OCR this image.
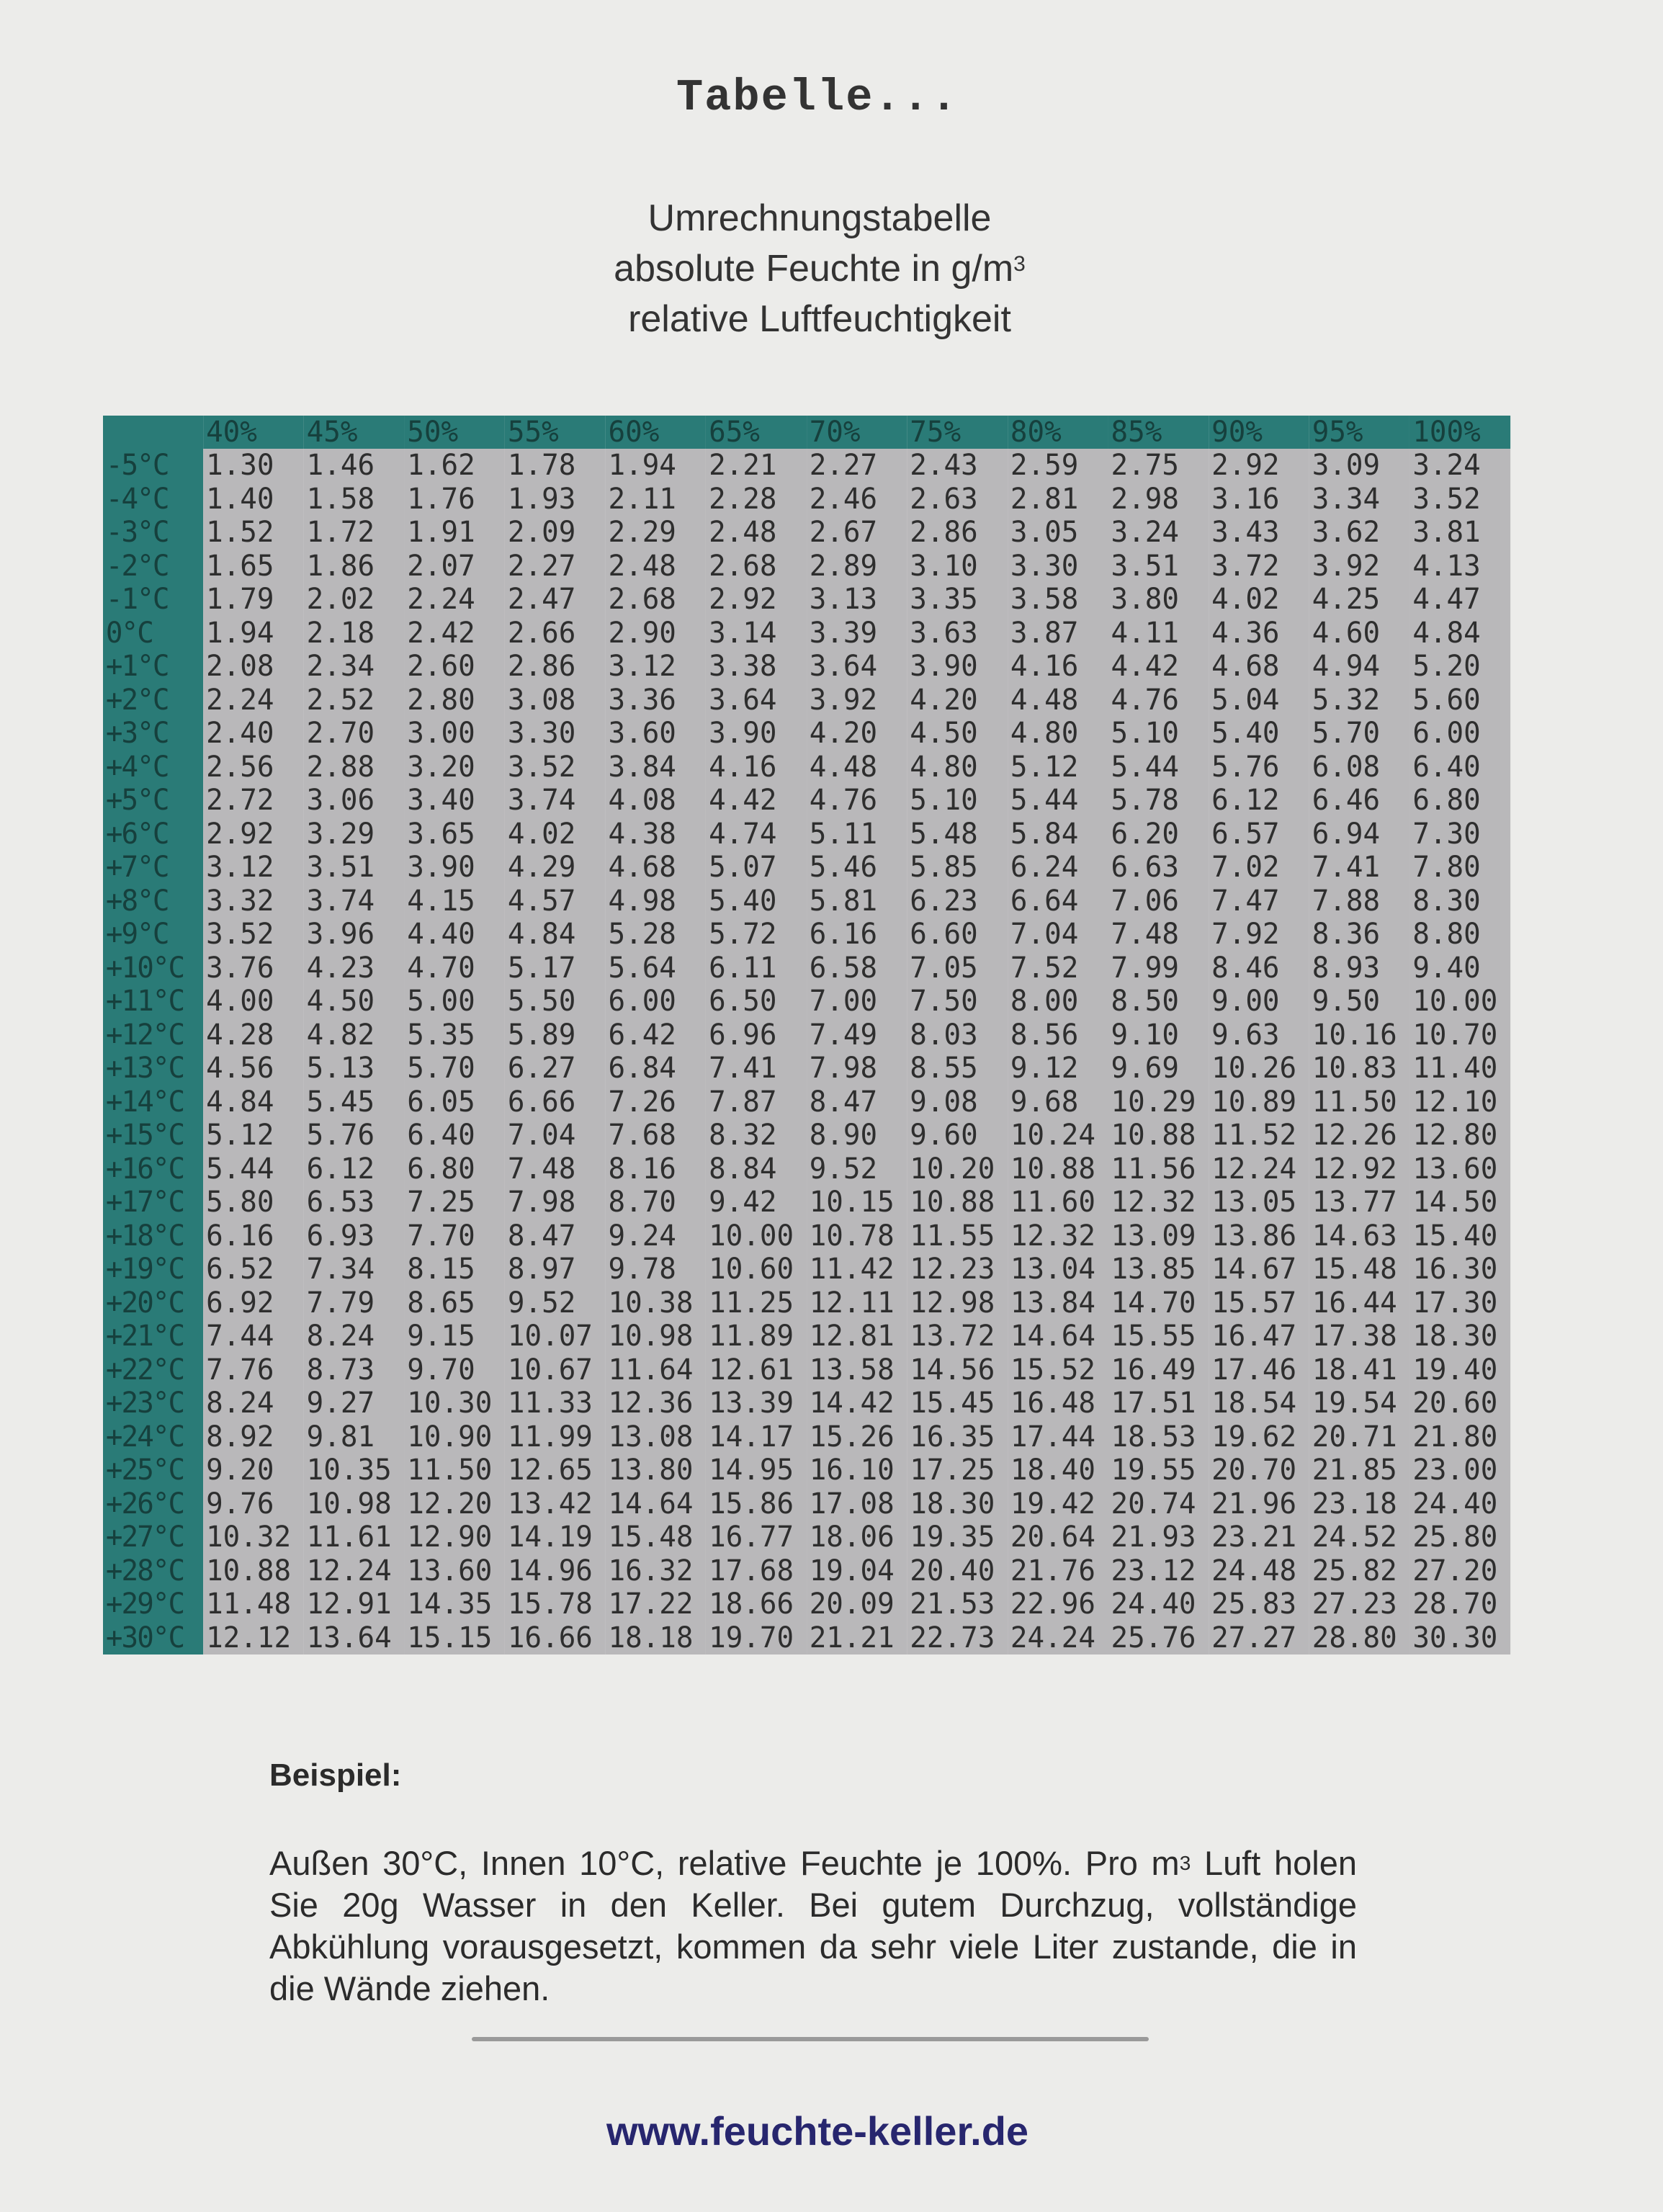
Tabelle...
Umrechnungstabelle
absolute Feuchte in $g/m^3$
relative Luftfeuchtigkeit
	40%	45%	50%	55%	60%	65%	70%	75%	80%	85%	90%	95%	100%
-5°C	1.30	1.46	1.62	1.78	1.94	2.21	2.27	2.43	2.59	2.75	2.92	3.09	3.24
-4°C	1.40	1.58	1.76	1.93	2.11	2.28	2.46	2.63	2.81	2.98	3.16	3.34	3.52
-3°C	1.52	1.72	1.91	2.09	2.29	2.48	2.67	2.86	3.05	3.24	3.43	3.62	3.81
-2°C	1.65	1.86	2.07	2.27	2.48	2.68	2.89	3.10	3.30	3.51	3.72	3.92	4.13
-1°C	1.79	2.02	2.24	2.47	2.68	2.92	3.13	3.35	3.58	3.80	4.02	4.25	4.47
0°C	1.94	2.18	2.42	2.66	2.90	3.14	3.39	3.63	3.87	4.11	4.36	4.60	4.84
+1°C	2.08	2.34	2.60	2.86	3.12	3.38	3.64	3.90	4.16	4.42	4.68	4.94	5.20
+2°C	2.24	2.52	2.80	3.08	3.36	3.64	3.92	4.20	4.48	4.76	5.04	5.32	5.60
+3°C	2.40	2.70	3.00	3.30	3.60	3.90	4.20	4.50	4.80	5.10	5.40	5.70	6.00
+4°C	2.56	2.88	3.20	3.52	3.84	4.16	4.48	4.80	5.12	5.44	5.76	6.08	6.40
+5°C	2.72	3.06	3.40	3.74	4.08	4.42	4.76	5.10	5.44	5.78	6.12	6.46	6.80
+6°C	2.92	3.29	3.65	4.02	4.38	4.74	5.11	5.48	5.84	6.20	6.57	6.94	7.30
+7°C	3.12	3.51	3.90	4.29	4.68	5.07	5.46	5.85	6.24	6.63	7.02	7.41	7.80
+8°C	3.32	3.74	4.15	4.57	4.98	5.40	5.81	6.23	6.64	7.06	7.47	7.88	8.30
+9°C	3.52	3.96	4.40	4.84	5.28	5.72	6.16	6.60	7.04	7.48	7.92	8.36	8.80
+10°C	3.76	4.23	4.70	5.17	5.64	6.11	6.58	7.05	7.52	7.99	8.46	8.93	9.40
+11°C	4.00	4.50	5.00	5.50	6.00	6.50	7.00	7.50	8.00	8.50	9.00	9.50	10.00
+12°C	4.28	4.82	5.35	5.89	6.42	6.96	7.49	8.03	8.56	9.10	9.63	10.16	10.70
+13°C	4.56	5.13	5.70	6.27	6.84	7.41	7.98	8.55	9.12	9.69	10.26	10.83	11.40
+14°C	4.84	5.45	6.05	6.66	7.26	7.87	8.47	9.08	9.68	10.29	10.89	11.50	12.10
+15°C	5.12	5.76	6.40	7.04	7.68	8.32	8.90	9.60	10.24	10.88	11.52	12.26	12.80
+16°C	5.44	6.12	6.80	7.48	8.16	8.84	9.52	10.20	10.88	11.56	12.24	12.92	13.60
+17°C	5.80	6.53	7.25	7.98	8.70	9.42	10.15	10.88	11.60	12.32	13.05	13.77	14.50
+18°C	6.16	6.93	7.70	8.47	9.24	10.00	10.78	11.55	12.32	13.09	13.86	14.63	15.40
+19°C	6.52	7.34	8.15	8.97	9.78	10.60	11.42	12.23	13.04	13.85	14.67	15.48	16.30
+20°C	6.92	7.79	8.65	9.52	10.38	11.25	12.11	12.98	13.84	14.70	15.57	16.44	17.30
+21°C	7.44	8.24	9.15	10.07	10.98	11.89	12.81	13.72	14.64	15.55	16.47	17.38	18.30
+22°C	7.76	8.73	9.70	10.67	11.64	12.61	13.58	14.56	15.52	16.49	17.46	18.41	19.40
+23°C	8.24	9.27	10.30	11.33	12.36	13.39	14.42	15.45	16.48	17.51	18.54	19.54	20.60
+24°C	8.92	9.81	10.90	11.99	13.08	14.17	15.26	16.35	17.44	18.53	19.62	20.71	21.80
+25°C	9.20	10.35	11.50	12.65	13.80	14.95	16.10	17.25	18.40	19.55	20.70	21.85	23.00
+26°C	9.76	10.98	12.20	13.42	14.64	15.86	17.08	18.30	19.42	20.74	21.96	23.18	24.40
+27°C	10.32	11.61	12.90	14.19	15.48	16.77	18.06	19.35	20.64	21.93	23.21	24.52	25.80
+28°C	10.88	12.24	13.60	14.96	16.32	17.68	19.04	20.40	21.76	23.12	24.48	25.82	27.20
+29°C	11.48	12.91	14.35	15.78	17.22	18.66	20.09	21.53	22.96	24.40	25.83	27.23	28.70
+30°C	12.12	13.64	15.15	16.66	18.18	19.70	21.21	22.73	24.24	25.76	27.27	28.80	30.30
Beispiel:
Außen 30°C, Innen 10°C, relative Feuchte je 100%. Pro $m^3$ Luft holen Sie 20g Wasser in den Keller. Bei gutem Durchzug, vollständige Abkühlung vorausgesetzt, kommen da sehr viele Liter zustande, die in die Wände ziehen.
www.feuchte-keller.de
